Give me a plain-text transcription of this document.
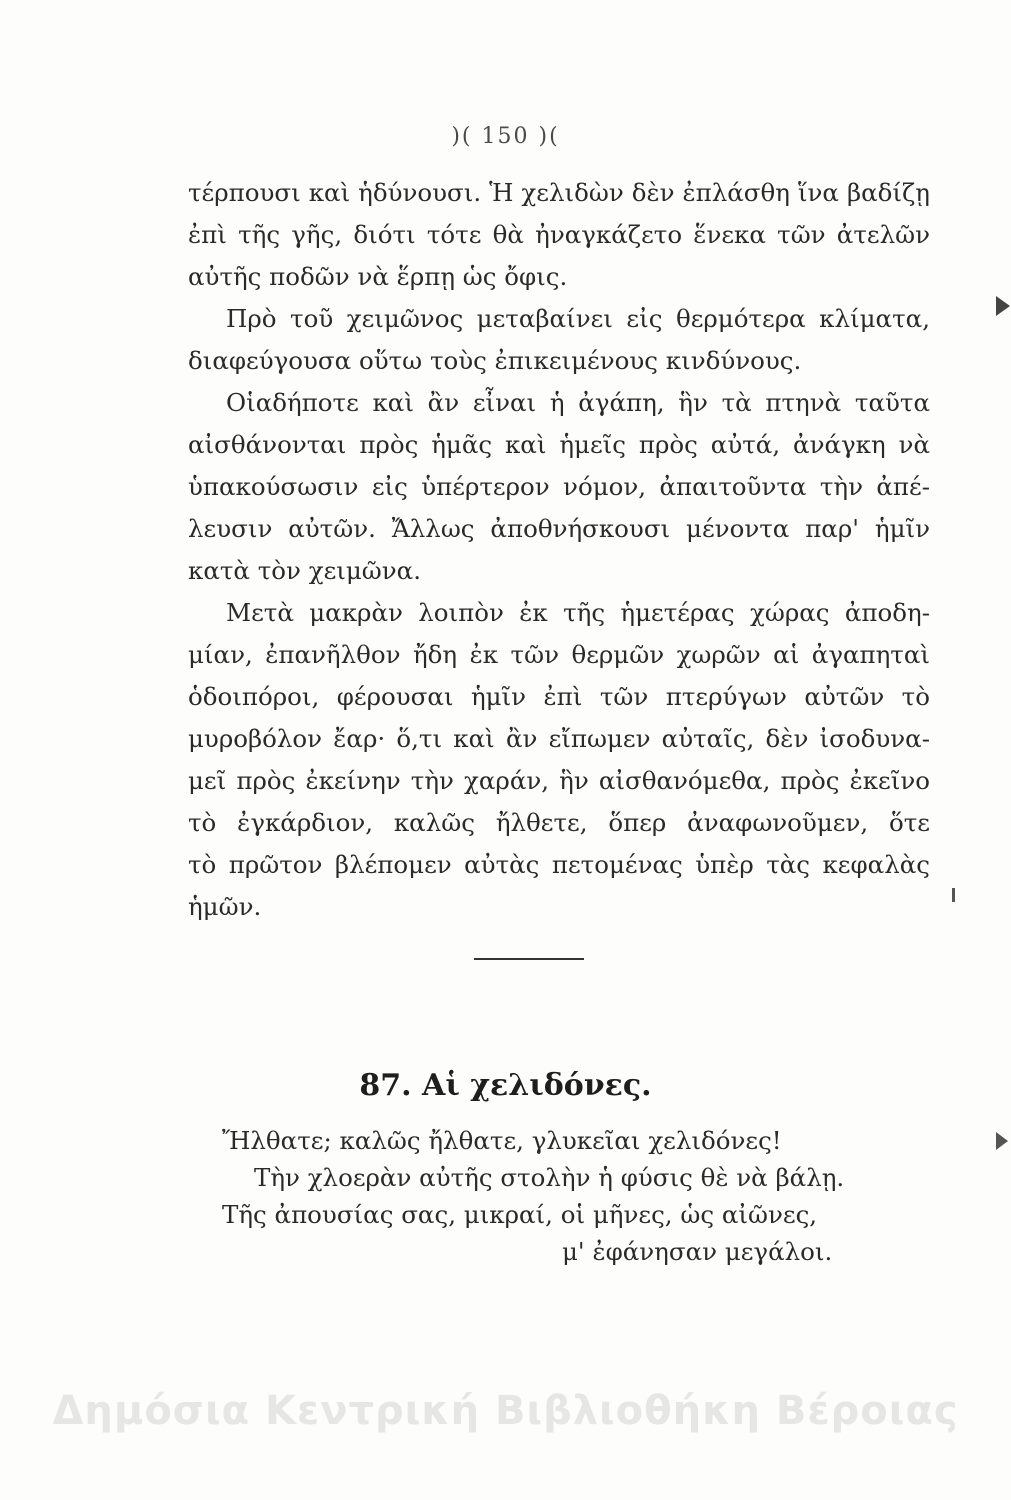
)( 150 )(

τέρπουσι καὶ ἡδύνουσι. Ἡ χελιδὼν δὲν ἐπλάσθη ἵνα βαδίζῃ
ἐπὶ τῆς γῆς, διότι τότε θὰ ἠναγκάζετο ἕνεκα τῶν ἀτελῶν
αὐτῆς ποδῶν νὰ ἕρπῃ ὡς ὄφις.

Πρὸ τοῦ χειμῶνος μεταβαίνει εἰς θερμότερα κλίματα,
διαφεύγουσα οὕτω τοὺς ἐπικειμένους κινδύνους.

Οἱαδήποτε καὶ ἂν εἶναι ἡ ἀγάπη, ἣν τὰ πτηνὰ ταῦτα
αἰσθάνονται πρὸς ἡμᾶς καὶ ἡμεῖς πρὸς αὐτά, ἀνάγκη νὰ
ὑπακούσωσιν εἰς ὑπέρτερον νόμον, ἀπαιτοῦντα τὴν ἀπέ-
λευσιν αὐτῶν. Ἄλλως ἀποθνήσκουσι μένοντα παρ' ἡμῖν
κατὰ τὸν χειμῶνα.

Μετὰ μακρὰν λοιπὸν ἐκ τῆς ἡμετέρας χώρας ἀποδη-
μίαν, ἐπανῆλθον ἤδη ἐκ τῶν θερμῶν χωρῶν αἱ ἀγαπηταὶ
ὁδοιπόροι, φέρουσαι ἡμῖν ἐπὶ τῶν πτερύγων αὐτῶν τὸ
μυροβόλον ἔαρ· ὅ,τι καὶ ἂν εἴπωμεν αὐταῖς, δὲν ἰσοδυνα-
μεῖ πρὸς ἐκείνην τὴν χαράν, ἣν αἰσθανόμεθα, πρὸς ἐκεῖνο
τὸ ἐγκάρδιον, καλῶς ἤλθετε, ὅπερ ἀναφωνοῦμεν, ὅτε
τὸ πρῶτον βλέπομεν αὐτὰς πετομένας ὑπὲρ τὰς κεφαλὰς
ἡμῶν.

87. Αἱ χελιδόνες.
Ἤλθατε; καλῶς ἤλθατε, γλυκεῖαι χελιδόνες!
Τὴν χλοερὰν αὐτῆς στολὴν ἡ φύσις θὲ νὰ βάλῃ.
Τῆς ἀπουσίας σας, μικραί, οἱ μῆνες, ὡς αἰῶνες,
μ' ἐφάνησαν μεγάλοι.
Δημόσια Κεντρική Βιβλιοθήκη Βέροιας
